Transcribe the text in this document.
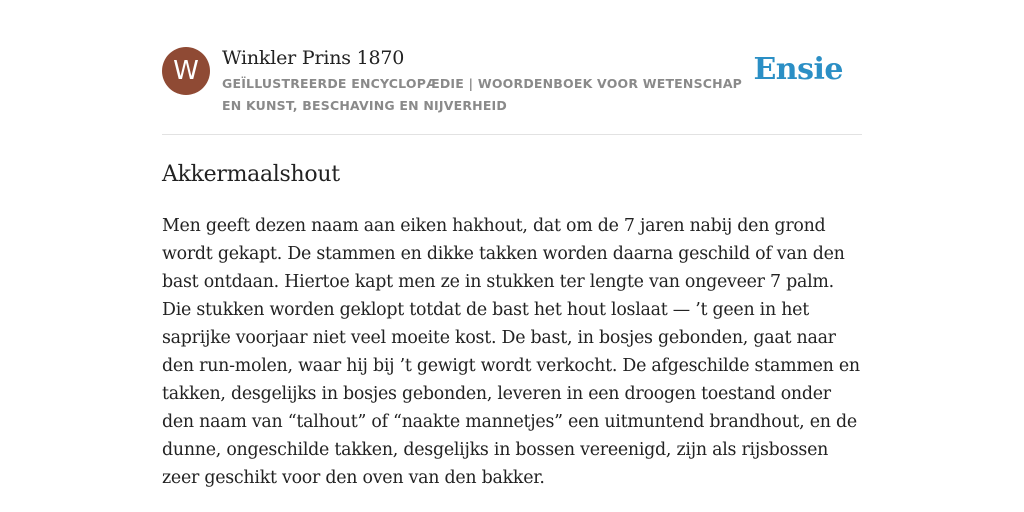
W	Winkler Prins 1870
GEÏLLUSTREERDE ENCYCLOPÆDIE | WOORDENBOEK VOOR WETENSCHAP EN KUNST, BESCHAVING EN NIJVERHEID
Ensie
Akkermaalshout

Men geeft dezen naam aan eiken hakhout, dat om de 7 jaren nabij den grond wordt gekapt. De stammen en dikke takken worden daarna geschild of van den bast ontdaan. Hiertoe kapt men ze in stukken ter lengte van ongeveer 7 palm. Die stukken worden geklopt totdat de bast het hout loslaat — ’t geen in het saprijke voorjaar niet veel moeite kost. De bast, in bosjes gebonden, gaat naar den run-molen, waar hij bij ’t gewigt wordt verkocht. De afgeschilde stammen en takken, desgelijks in bosjes gebonden, leveren in een droogen toestand onder den naam van “talhout” of “naakte mannetjes” een uitmuntend brandhout, en de dunne, ongeschilde takken, desgelijks in bossen vereenigd, zijn als rijsbossen zeer geschikt voor den oven van den bakker.
